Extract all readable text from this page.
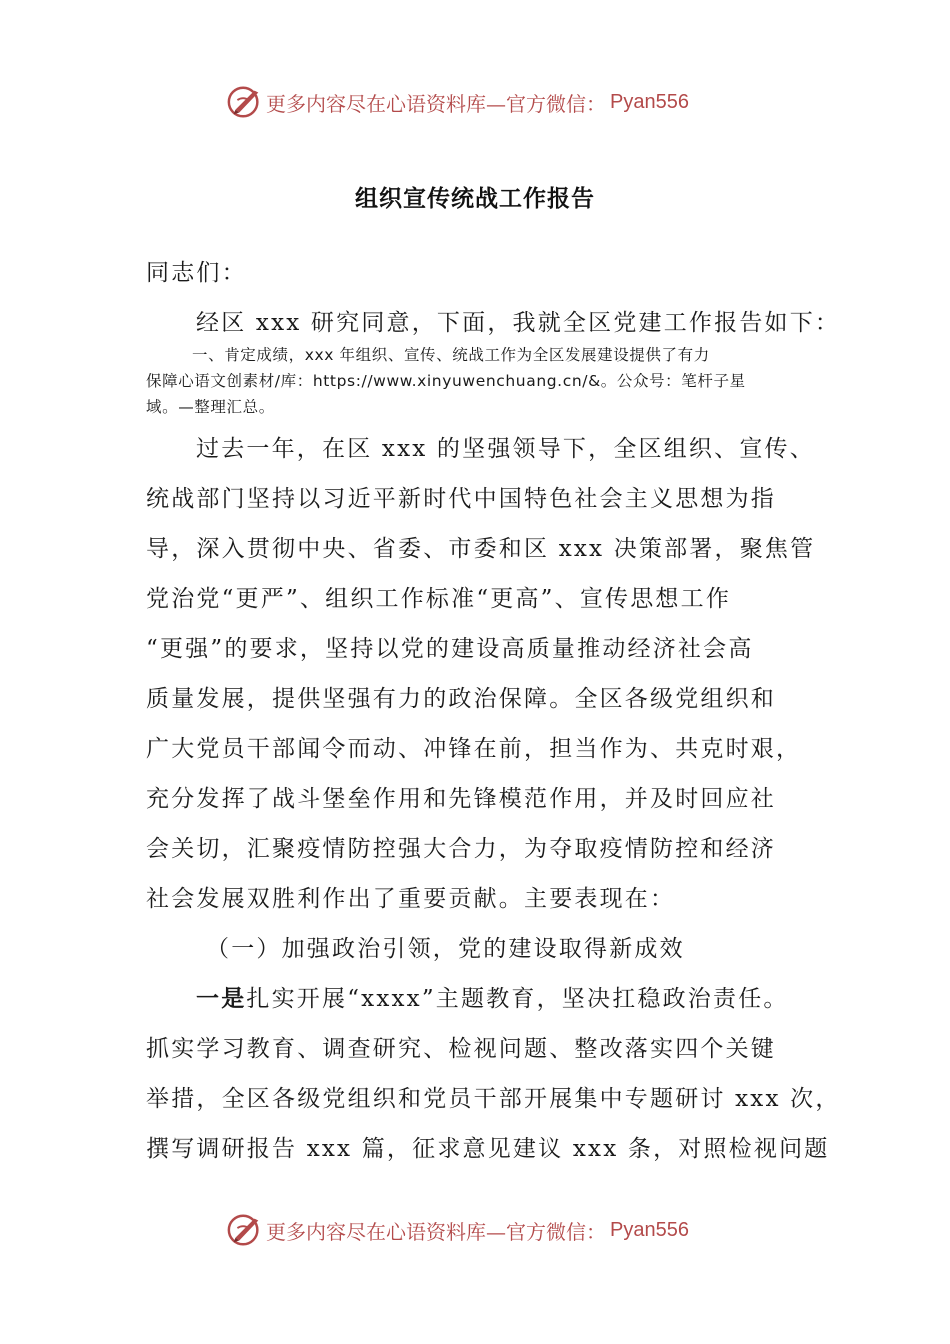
更多内容尽在心语资料库—官方微信： Pyan556
组织宣传统战工作报告
同志们：
经区 xxx 研究同意，下面，我就全区党建工作报告如下：
一、肯定成绩，xxx 年组织、宣传、统战工作为全区发展建设提供了有力
保障心语文创素材/库：https://www.xinyuwenchuang.cn/&。公众号：笔杆子星
域。—整理汇总。
过去一年，在区 xxx 的坚强领导下，全区组织、宣传、
统战部门坚持以习近平新时代中国特色社会主义思想为指
导，深入贯彻中央、省委、市委和区 xxx 决策部署，聚焦管
党治党“更严”、组织工作标准“更高”、宣传思想工作
“更强”的要求，坚持以党的建设高质量推动经济社会高
质量发展，提供坚强有力的政治保障。全区各级党组织和
广大党员干部闻令而动、冲锋在前，担当作为、共克时艰，
充分发挥了战斗堡垒作用和先锋模范作用，并及时回应社
会关切，汇聚疫情防控强大合力，为夺取疫情防控和经济
社会发展双胜利作出了重要贡献。主要表现在：
（一）加强政治引领，党的建设取得新成效
一是扎实开展“xxxx”主题教育，坚决扛稳政治责任。
抓实学习教育、调查研究、检视问题、整改落实四个关键
举措，全区各级党组织和党员干部开展集中专题研讨 xxx 次，
撰写调研报告 xxx 篇，征求意见建议 xxx 条，对照检视问题
更多内容尽在心语资料库—官方微信： Pyan556
